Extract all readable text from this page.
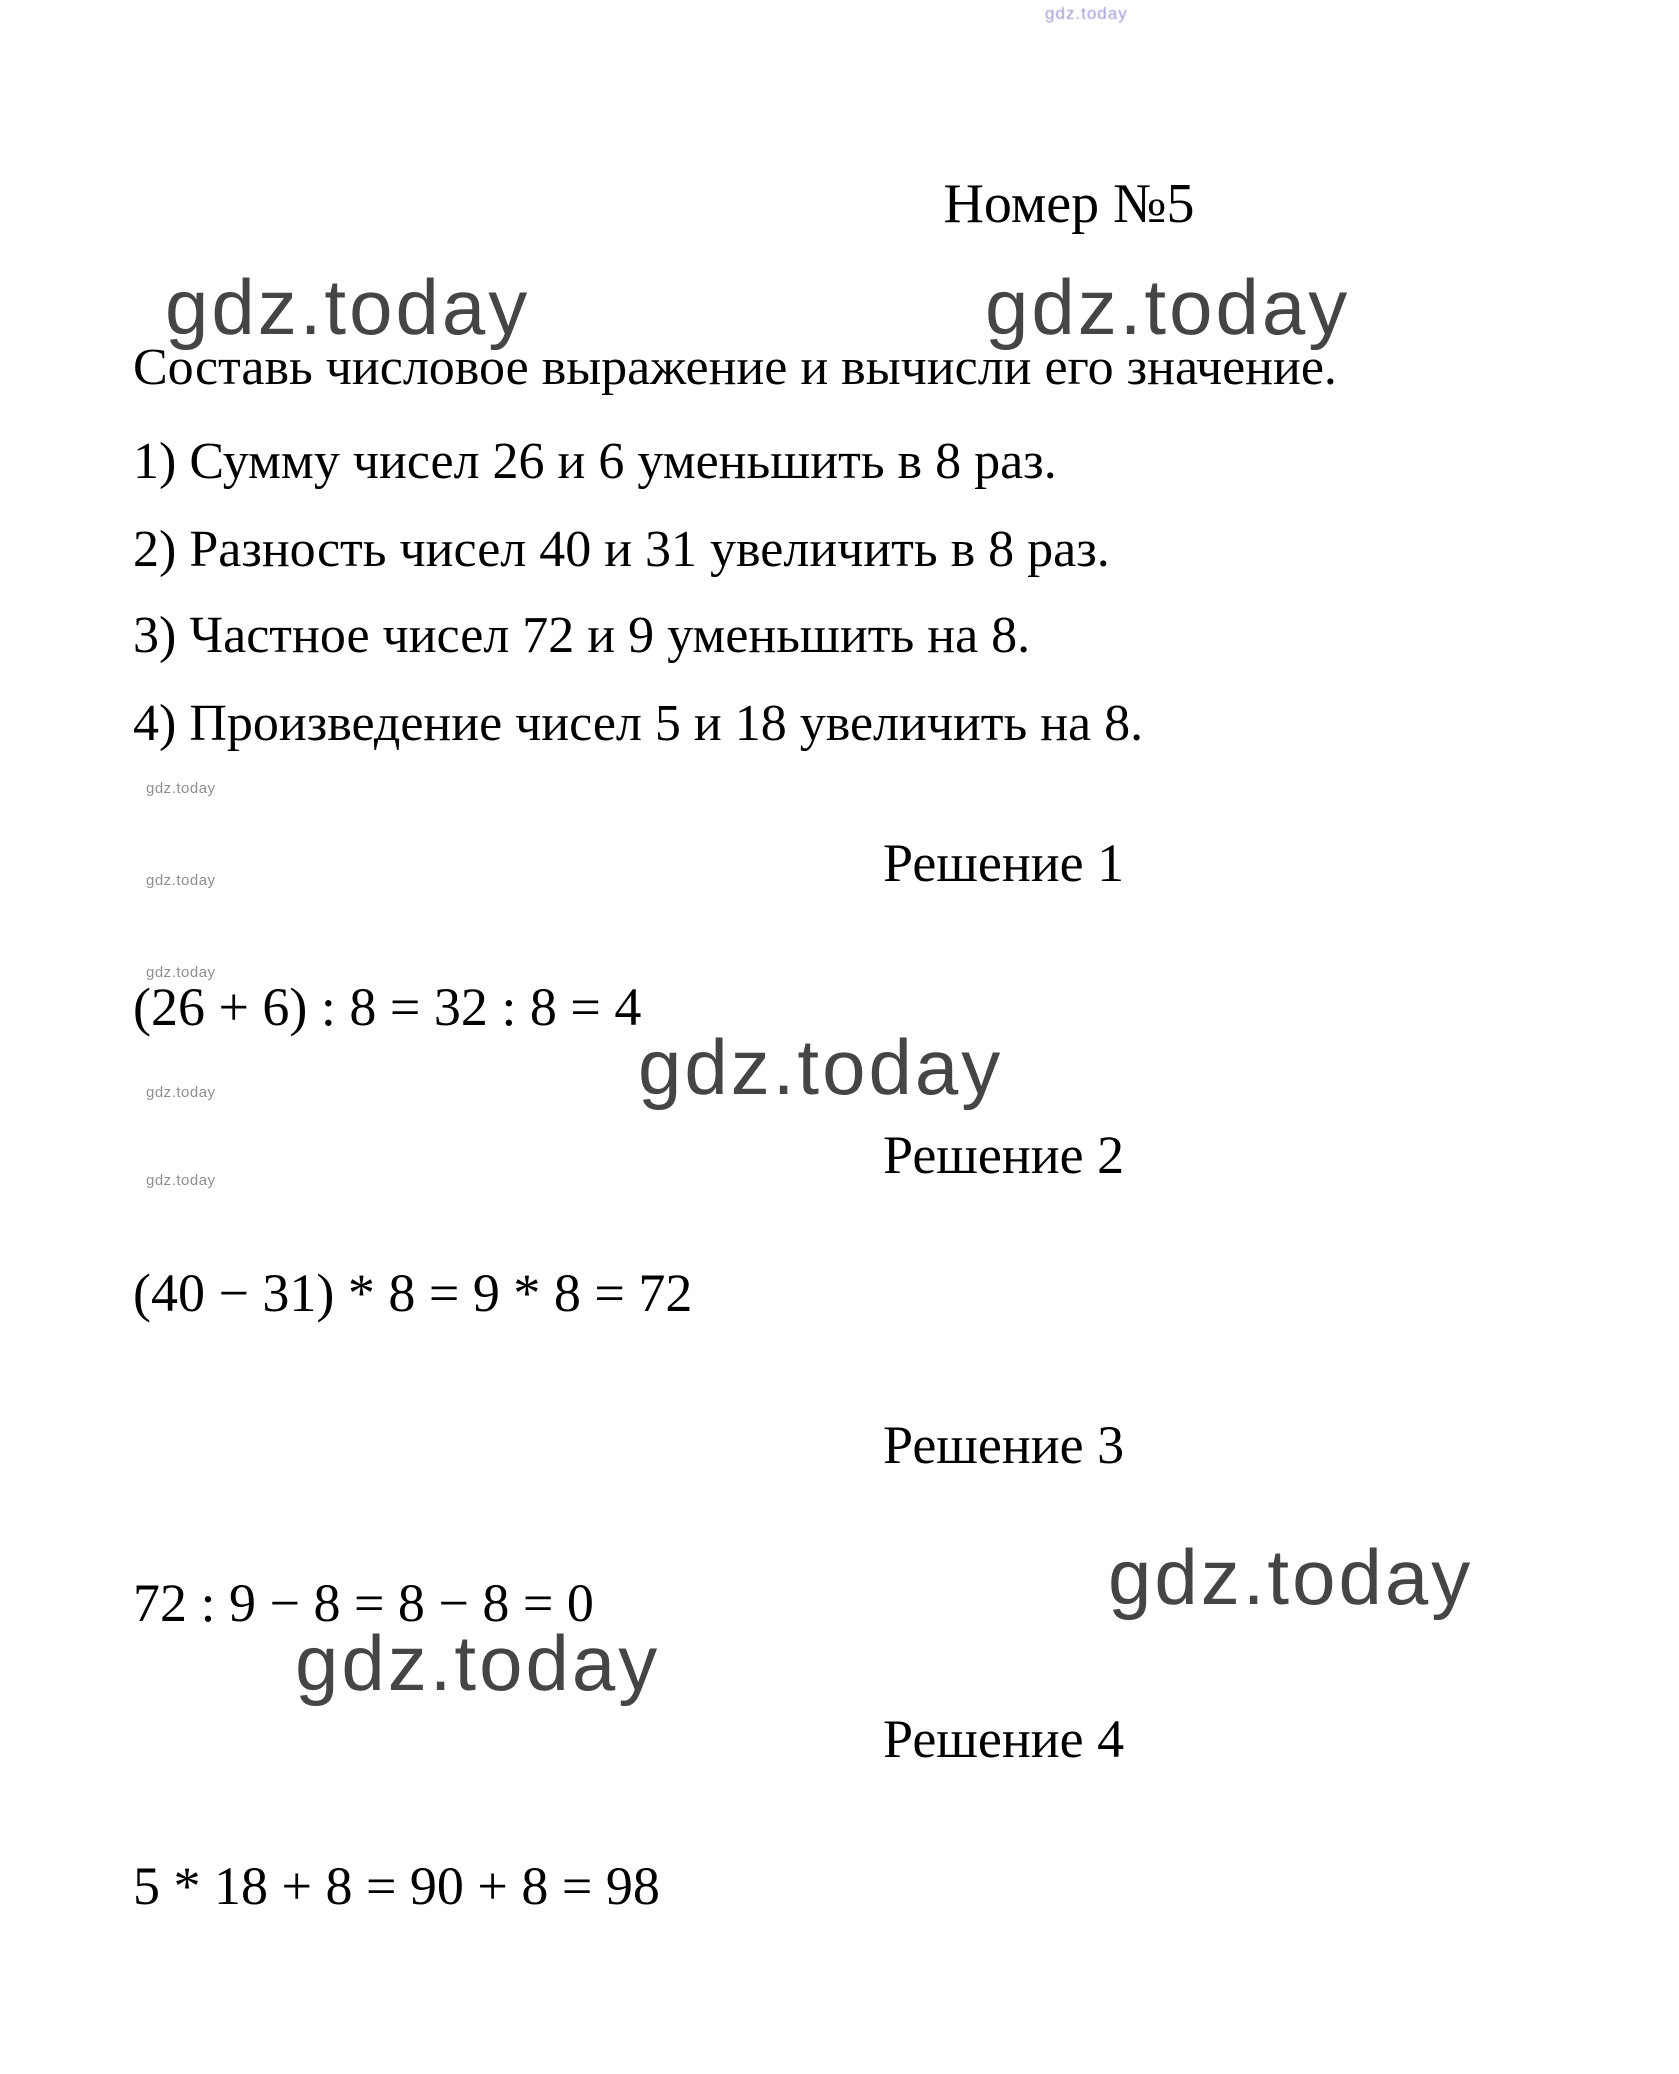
gdz.today
gdz.today	gdz.today
gdz.today
gdz.today
gdz.today
gdz.today
gdz.today
gdz.today
gdz.today
gdz.today
Номер №5
Составь числовое выражение и вычисли его значение.
1) Сумму чисел 26 и 6 уменьшить в 8 раз.
2) Разность чисел 40 и 31 увеличить в 8 раз.
3) Частное чисел 72 и 9 уменьшить на 8.
4) Произведение чисел 5 и 18 увеличить на 8.
Решение 1
(26 + 6) : 8 = 32 : 8 = 4
Решение 2
(40 − 31) * 8 = 9 * 8 = 72
Решение 3
72 : 9 − 8 = 8 − 8 = 0
Решение 4
5 * 18 + 8 = 90 + 8 = 98
